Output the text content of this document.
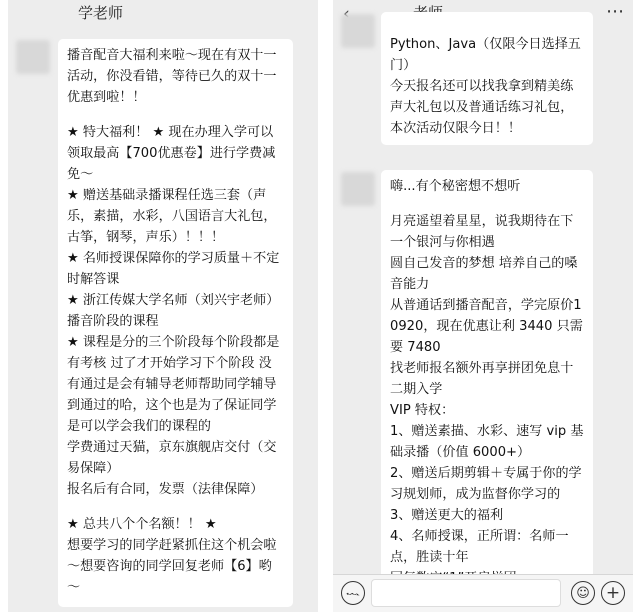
学老师
播音配音大福利来啦～现在有双十一活动，你没看错，等待已久的双十一优惠到啦！！
★ 特大福利！ ★ 现在办理入学可以领取最高【700优惠卷】进行学费减免～
★ 赠送基础录播课程任选三套（声乐，素描，水彩，八国语言大礼包，古筝，钢琴，声乐）！！！
★ 名师授课保障你的学习质量＋不定时解答课
★ 浙江传媒大学名师（刘兴宇老师）播音阶段的课程
★ 课程是分的三个阶段每个阶段都是有考核 过了才开始学习下个阶段 没有通过是会有辅导老师帮助同学辅导到通过的哈，这个也是为了保证同学是可以学会我们的课程的
学费通过天猫，京东旗舰店交付（交易保障）
报名后有合同，发票（法律保障）
★ 总共八个个名额！！ ★
想要学习的同学赶紧抓住这个机会啦～想要咨询的同学回复老师【6】哟～
⋯
Python、Java（仅限今日选择五门）
今天报名还可以找我拿到精美练声大礼包以及普通话练习礼包，本次活动仅限今日！！
嗨...有个秘密想不想听
月亮遥望着星星，说我期待在下一个银河与你相遇
圆自己发音的梦想 培养自己的嗓音能力
从普通话到播音配音，学完原价10920，现在优惠让利 3440 只需要 7480
找老师报名额外再享拼团免息十二期入学
VIP 特权：
1、赠送素描、水彩、速写 vip 基础录播（价值 6000+）
2、赠送后期剪辑＋专属于你的学习规划师，成为监督你学习的
3、赠送更大的福利
4、名师授课，正所谓：名师一点，胜读十年
𝁋	☺ +
